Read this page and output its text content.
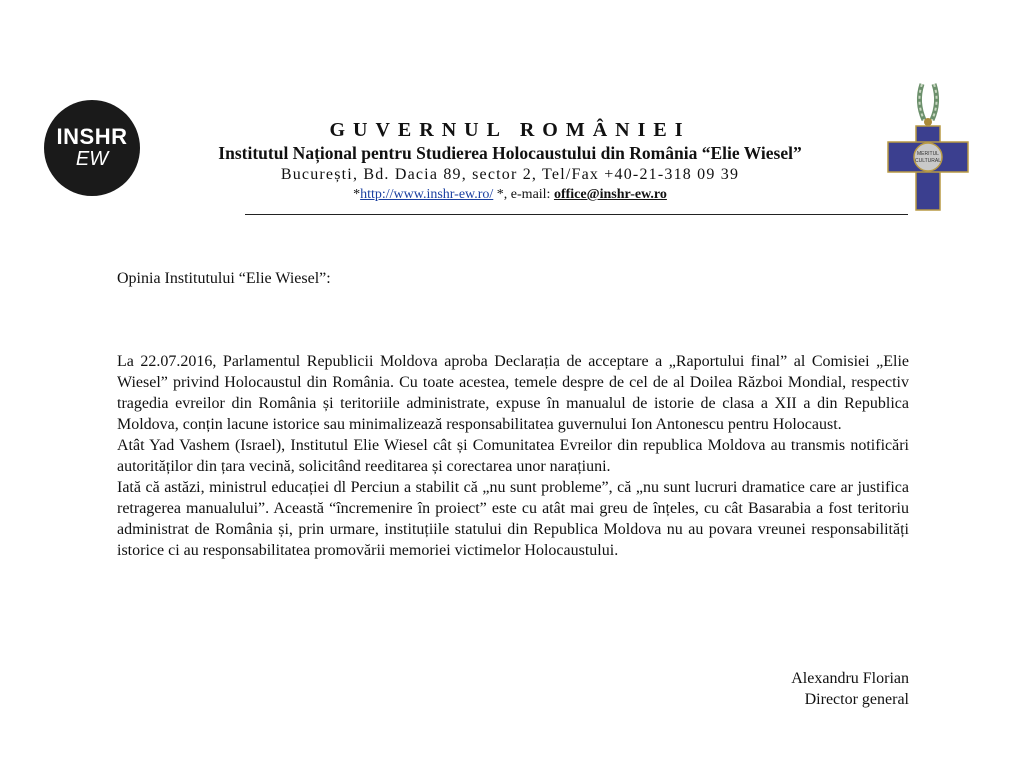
INSHR
EW
GUVERNUL ROMÂNIEI
Institutul Național pentru Studierea Holocaustului din România “Elie Wiesel”
București, Bd. Dacia 89, sector 2, Tel/Fax +40-21-318 09 39
*http://www.inshr-ew.ro/ *, e-mail: office@inshr-ew.ro
MERITUL
CULTURAL
Opinia Institutului “Elie Wiesel”:

La 22.07.2016, Parlamentul Republicii Moldova aproba Declarația de acceptare a „Raportului final” al Comisiei „Elie Wiesel” privind Holocaustul din România. Cu toate acestea, temele despre de cel de al Doilea Război Mondial, respectiv tragedia evreilor din România și teritoriile administrate, expuse în manualul de istorie de clasa a XII a din Republica Moldova, conțin lacune istorice sau minimalizează responsabilitatea guvernului Ion Antonescu pentru Holocaust.

Atât Yad Vashem (Israel), Institutul Elie Wiesel cât și Comunitatea Evreilor din republica Moldova au transmis notificări autorităților din țara vecină, solicitând reeditarea și corectarea unor narațiuni.

Iată că astăzi, ministrul educației dl Perciun a stabilit că „nu sunt probleme”, că „nu sunt lucruri dramatice care ar justifica retragerea manualului”. Această “încremenire în proiect” este cu atât mai greu de înțeles, cu cât Basarabia a fost teritoriu administrat de România și, prin urmare, instituțiile statului din Republica Moldova nu au povara vreunei responsabilități istorice ci au responsabilitatea promovării memoriei victimelor Holocaustului.

Alexandru Florian
Director general
